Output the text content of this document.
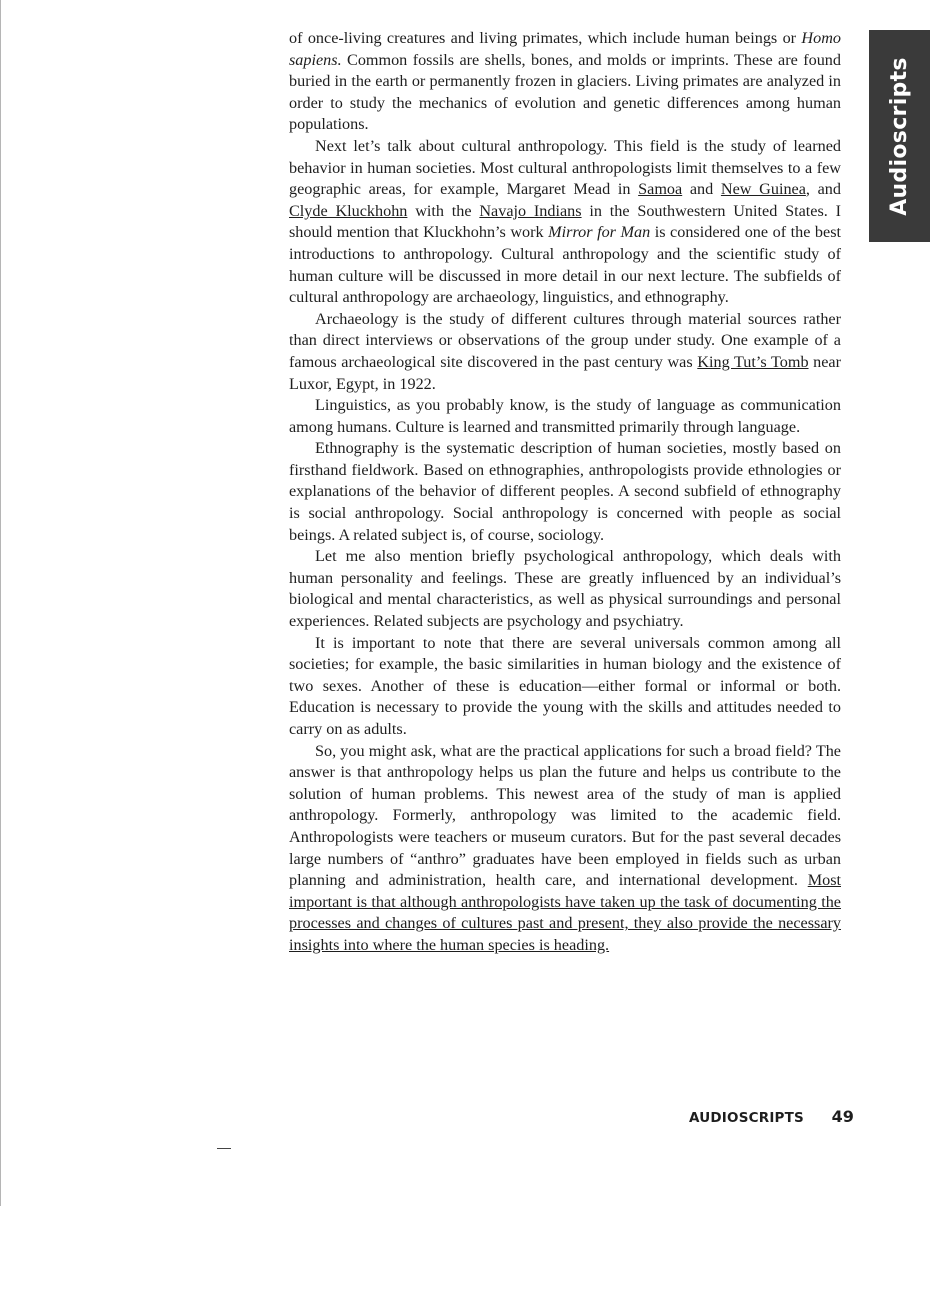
Audioscripts

of once-living creatures and living primates, which include human beings or Homo sapiens. Common fossils are shells, bones, and molds or imprints. These are found buried in the earth or permanently frozen in glaciers. Living primates are analyzed in order to study the mechanics of evolution and genetic differences among human populations.

Next let’s talk about cultural anthropology. This field is the study of learned behavior in human societies. Most cultural anthropologists limit themselves to a few geographic areas, for example, Margaret Mead in Samoa and New Guinea, and Clyde Kluckhohn with the Navajo Indians in the Southwestern United States. I should mention that Kluckhohn’s work Mirror for Man is considered one of the best introductions to anthropology. Cultural anthropology and the scientific study of human culture will be discussed in more detail in our next lecture. The subfields of cultural anthropology are archaeology, linguistics, and ethnography.

Archaeology is the study of different cultures through material sources rather than direct interviews or observations of the group under study. One example of a famous archaeological site discovered in the past century was King Tut’s Tomb near Luxor, Egypt, in 1922.

Linguistics, as you probably know, is the study of language as communication among humans. Culture is learned and transmitted primarily through language.

Ethnography is the systematic description of human societies, mostly based on firsthand fieldwork. Based on ethnographies, anthropologists provide ethnologies or explanations of the behavior of different peoples. A second subfield of ethnography is social anthropology. Social anthropology is concerned with people as social beings. A related subject is, of course, sociology.

Let me also mention briefly psychological anthropology, which deals with human personality and feelings. These are greatly influenced by an individual’s biological and mental characteristics, as well as physical surroundings and personal experiences. Related subjects are psychology and psychiatry.

It is important to note that there are several universals common among all societies; for example, the basic similarities in human biology and the existence of two sexes. Another of these is education—either formal or informal or both. Education is necessary to provide the young with the skills and attitudes needed to carry on as adults.

So, you might ask, what are the practical applications for such a broad field? The answer is that anthropology helps us plan the future and helps us contribute to the solution of human problems. This newest area of the study of man is applied anthropology. Formerly, anthropology was limited to the academic field. Anthropologists were teachers or museum curators. But for the past several decades large numbers of “anthro” graduates have been employed in fields such as urban planning and administration, health care, and international development. Most important is that although anthropologists have taken up the task of documenting the processes and changes of cultures past and present, they also provide the necessary insights into where the human species is heading.

AUDIOSCRIPTS 49
